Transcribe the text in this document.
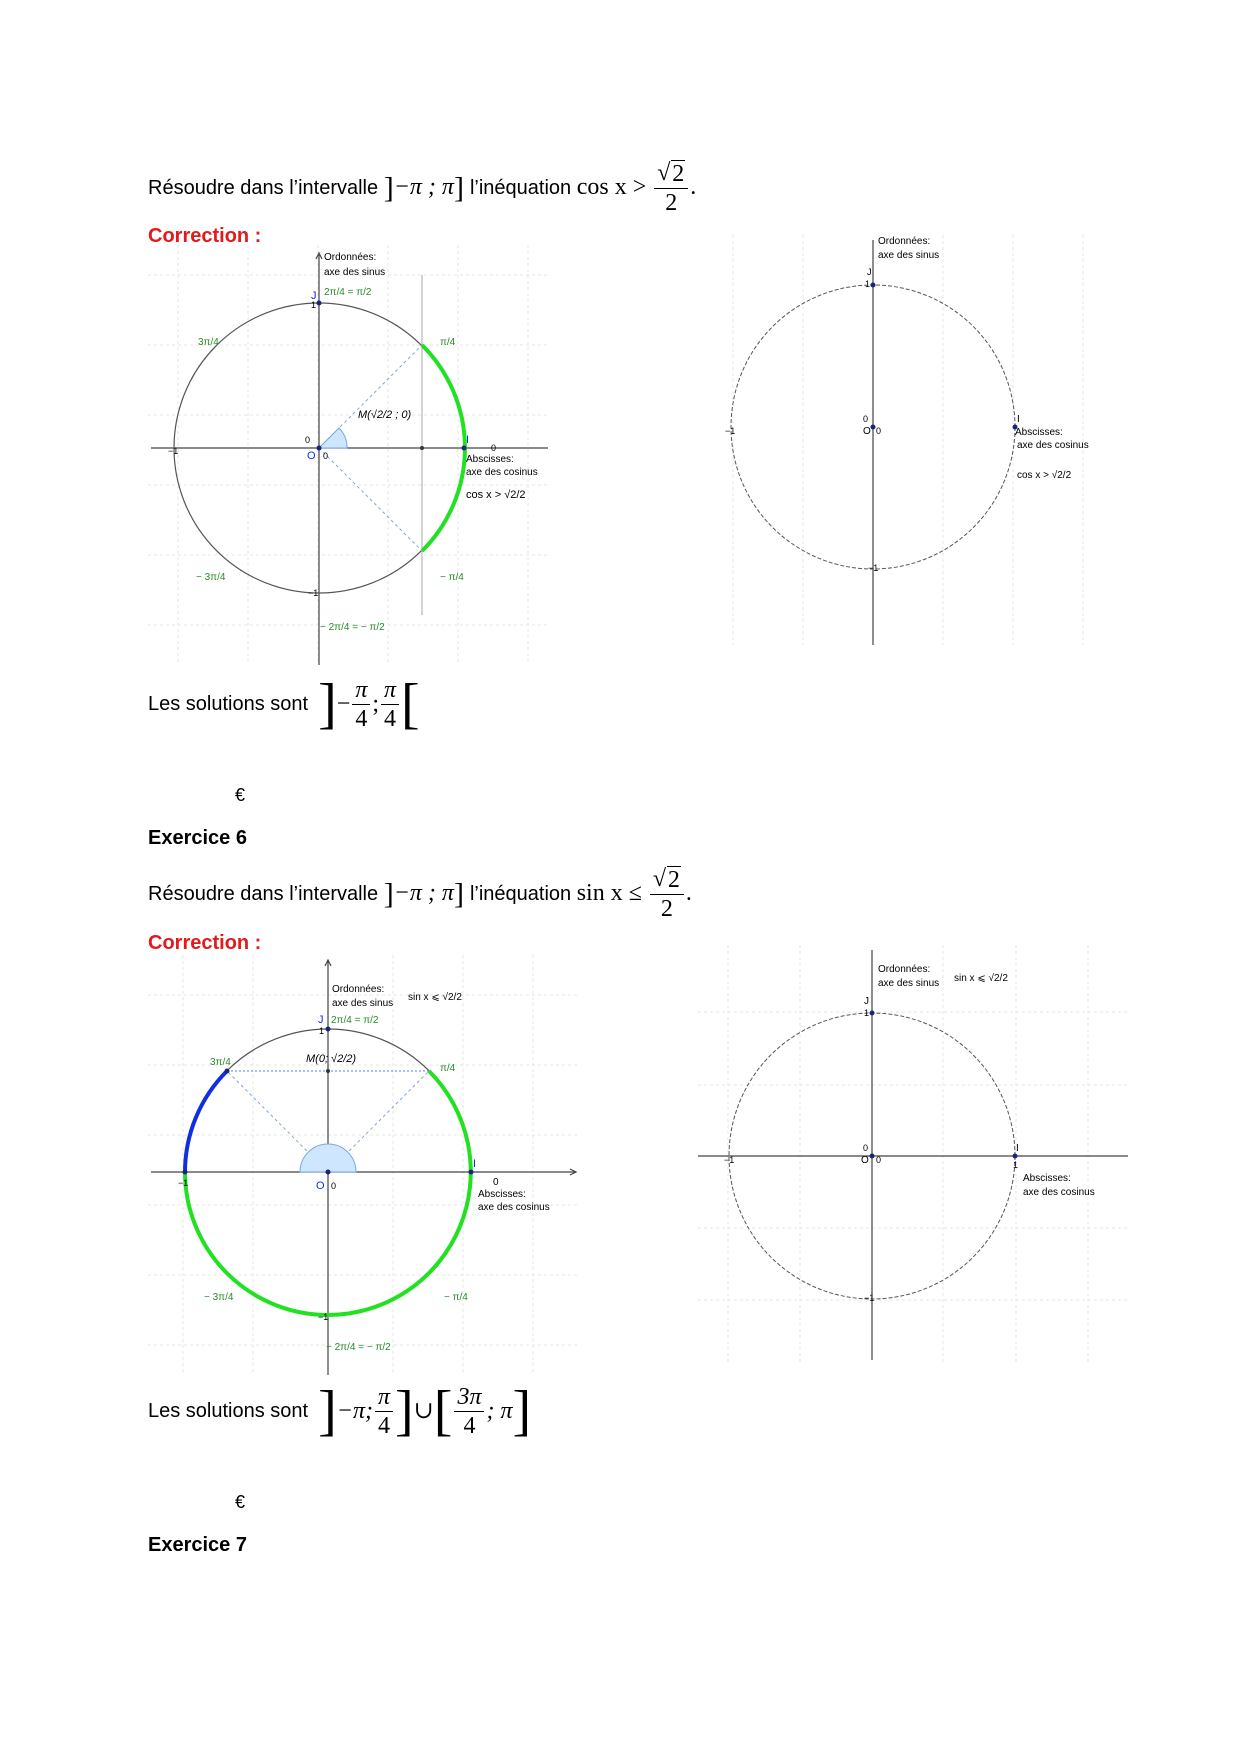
Résoudre dans l’intervalle ]−π ; π] l’inéquation cos x > √ $\frac{2}{2}$ .
Correction :
Ordonnées:
axe des sinus
J
1
2π/4 = π/2
3π/4	π/4
M(√2/2 ; 0)
0
O 0
−1
I
0
Abscisses:
axe des cosinus
cos x > √2/2
−1
− 3π/4	− π/4
− 2π/4 = − π/2
Ordonnées:
axe des sinus
J
1
0
O 0
−1
I
Abscisses:
axe des cosinus
cos x > √2/2
−1
Les solutions sont ] − $\frac{\pi}{4}$ ; $\frac{\pi}{4}$ [
€
Exercice 6
Résoudre dans l’intervalle ]−π ; π] l’inéquation sin x ≤ √ $\frac{2}{2}$ .
Correction :
Ordonnées:
axe des sinus
sin x ⩽ √2/2
J
1
2π/4 = π/2
3π/4
π/4
M(0; √2/2)
O 0
−1
I
0
Abscisses:
axe des cosinus
− 3π/4	− π/4
−1
− 2π/4 = − π/2
Ordonnées:
axe des sinus sin x ⩽ √2/2
J
1
0
O 0
−1
I
1
Abscisses:
axe des cosinus
−1
Les solutions sont ] −π; $\frac{\pi}{4}$ ] ∪ [ $\frac{3\pi}{4}$ ; π ]
€
Exercice 7
